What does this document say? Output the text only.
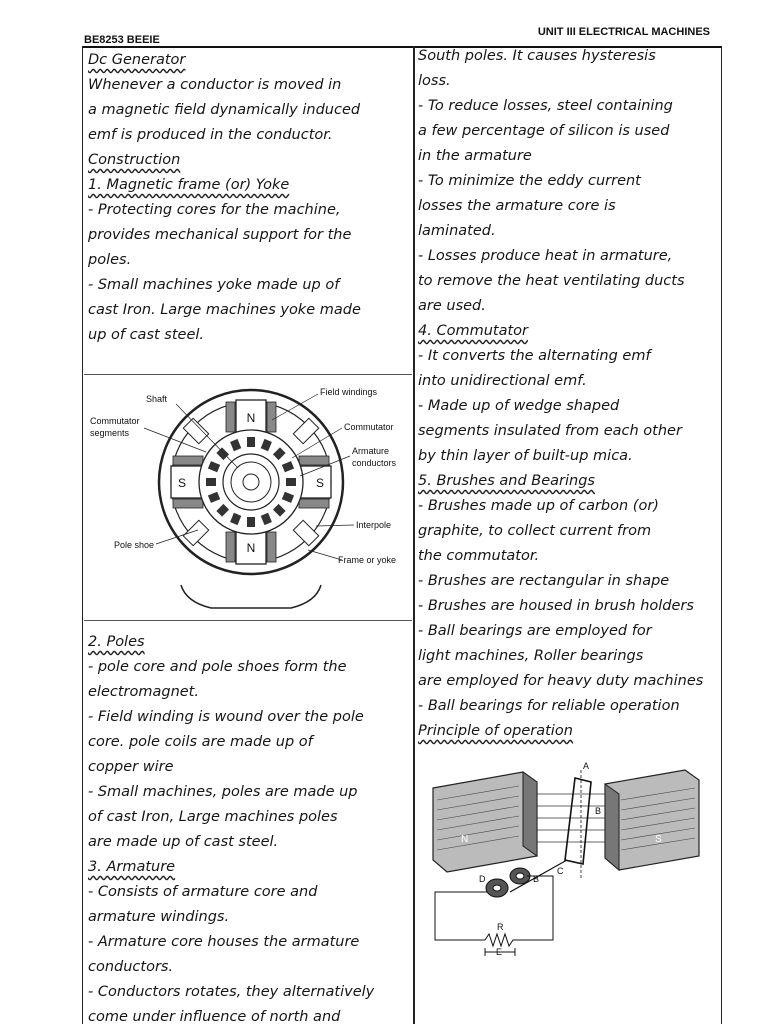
BE8253 BEEIE
UNIT III ELECTRICAL MACHINES

Dc Generator

Whenever a conductor is moved in

a magnetic field dynamically induced

emf is produced in the conductor.

Construction

1. Magnetic frame (or) Yoke

- Protecting cores for the machine,

provides mechanical support for the

poles.

- Small machines yoke made up of

cast Iron. Large machines yoke made

up of cast steel.

N
N
S	S
Shaft
Field windings
Commutator
segments
Commutator
Armature
conductors
Interpole
Pole shoe
Frame or yoke

2. Poles

- pole core and pole shoes form the

electromagnet.

- Field winding is wound over the pole

core. pole coils are made up of

copper wire

- Small machines, poles are made up

of cast Iron, Large machines poles

are made up of cast steel.

3. Armature

- Consists of armature core and

armature windings.

- Armature core houses the armature

conductors.

- Conductors rotates, they alternatively

come under influence of north and

South poles. It causes hysteresis

loss.

- To reduce losses, steel containing

a few percentage of silicon is used

in the armature

- To minimize the eddy current

losses the armature core is

laminated.

- Losses produce heat in armature,

to remove the heat ventilating ducts

are used.

4. Commutator

- It converts the alternating emf

into unidirectional emf.

- Made up of wedge shaped

segments insulated from each other

by thin layer of built-up mica.

5. Brushes and Bearings

- Brushes made up of carbon (or)

graphite, to collect current from

the commutator.

- Brushes are rectangular in shape

- Brushes are housed in brush holders

- Ball bearings are employed for

light machines, Roller bearings

are employed for heavy duty machines

- Ball bearings for reliable operation

Principle of operation

N	S
A
B
C
B
D
R
E
